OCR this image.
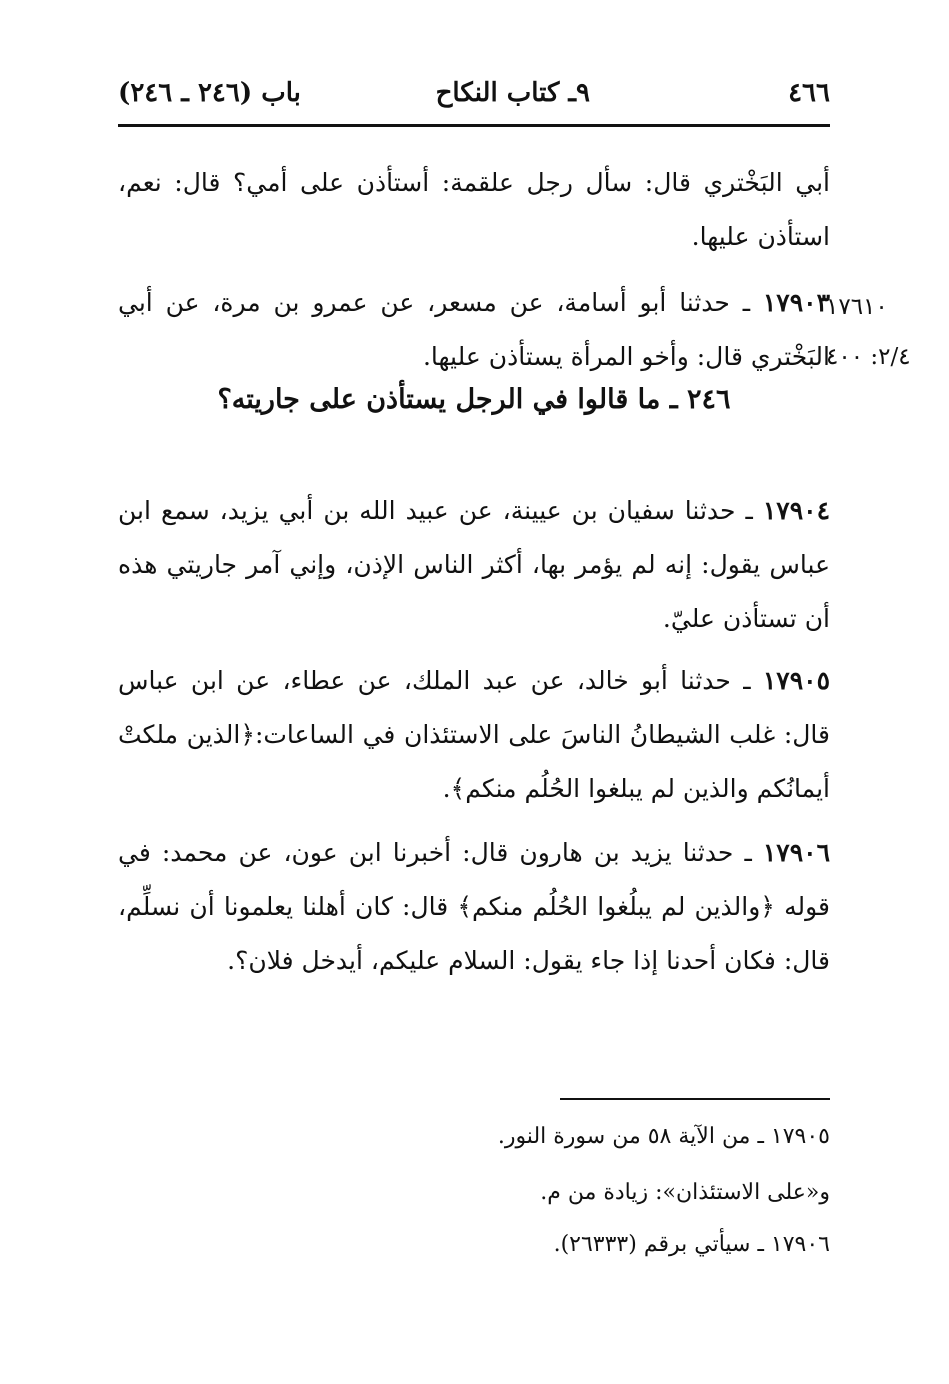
٤٦٦
٩ـ كتاب النكاح
باب (٢٤٦ ـ ٢٤٦)
أبي البَخْتري قال: سأل رجل علقمة: أستأذن على أمي؟ قال: نعم، استأذن عليها.
١٧٦١٠
٢/٤: ٤٠٠
١٧٩٠٣ ـ حدثنا أبو أسامة، عن مسعر، عن عمرو بن مرة، عن أبي البَخْتري قال: وأخو المرأة يستأذن عليها.
٢٤٦ ـ ما قالوا في الرجل يستأذن على جاريته؟
١٧٩٠٤ ـ حدثنا سفيان بن عيينة، عن عبيد الله بن أبي يزيد، سمع ابن عباس يقول: إنه لم يؤمر بها، أكثر الناس الإذن، وإني آمر جاريتي هذه أن تستأذن عليّ.
١٧٩٠٥ ـ حدثنا أبو خالد، عن عبد الملك، عن عطاء، عن ابن عباس قال: غلب الشيطانُ الناسَ على الاستئذان في الساعات:﴿الذين ملكتْ أيمانُكم والذين لم يبلغوا الحُلُم منكم﴾.
١٧٩٠٦ ـ حدثنا يزيد بن هارون قال: أخبرنا ابن عون، عن محمد: في قوله ﴿والذين لم يبلُغوا الحُلُم منكم﴾ قال: كان أهلنا يعلمونا أن نسلِّم، قال: فكان أحدنا إذا جاء يقول: السلام عليكم، أيدخل فلان؟.
١٧٩٠٥ ـ من الآية ٥٨ من سورة النور.
و«على الاستئذان»: زيادة من م.
١٧٩٠٦ ـ سيأتي برقم (٢٦٣٣٣).
